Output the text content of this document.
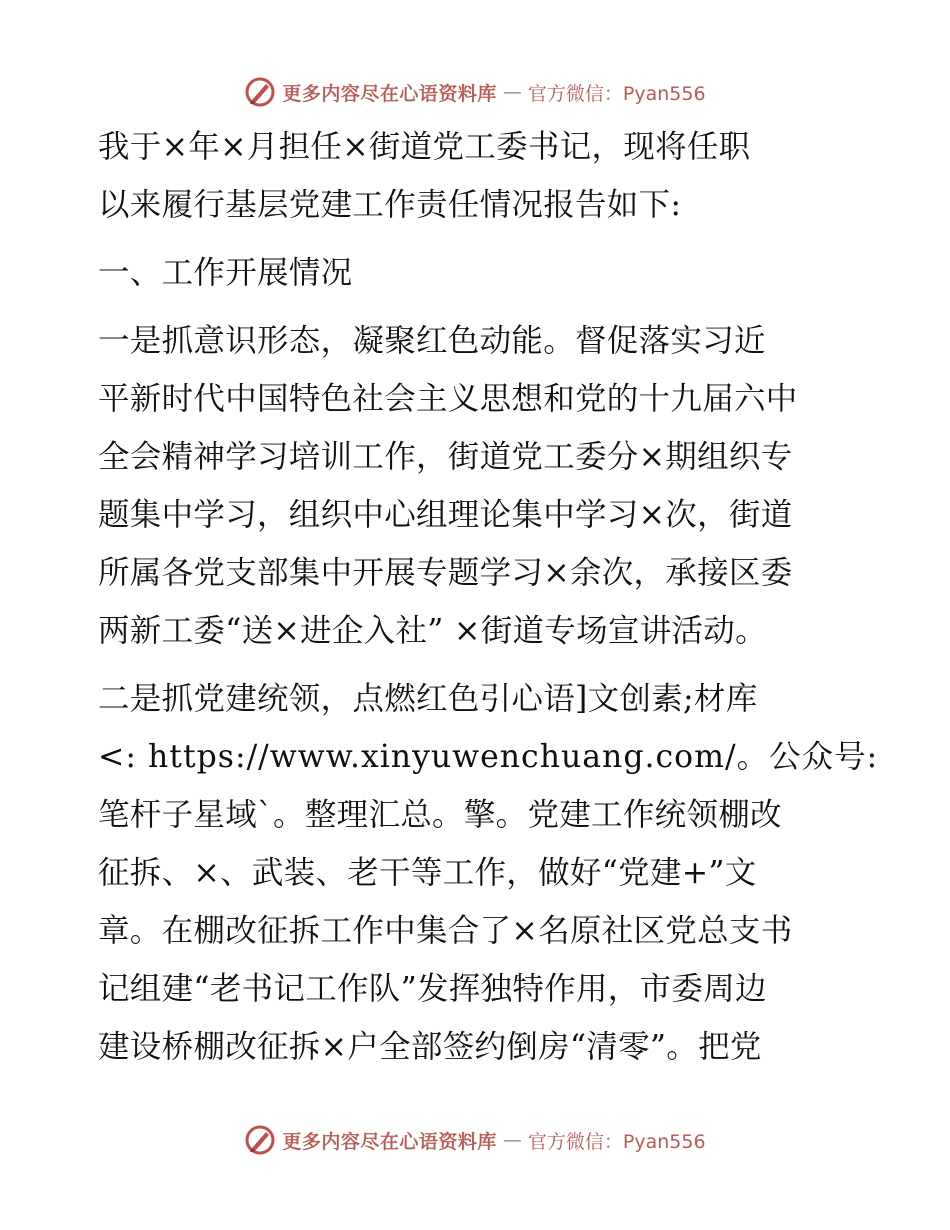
更多内容尽在心语资料库 — 官方微信：Pyan556
我于×年×月担任×街道党工委书记，现将任职
以来履行基层党建工作责任情况报告如下:
一、工作开展情况
一是抓意识形态，凝聚红色动能。督促落实习近
平新时代中国特色社会主义思想和党的十九届六中
全会精神学习培训工作，街道党工委分×期组织专
题集中学习，组织中心组理论集中学习×次，街道
所属各党支部集中开展专题学习×余次，承接区委
两新工委“送×进企入社” ×街道专场宣讲活动。
二是抓党建统领，点燃红色引心语]文创素;材库
<: https://www.xinyuwenchuang.com/。公众号:
笔杆子星域`。整理汇总。擎。党建工作统领棚改
征拆、×、武装、老干等工作，做好“党建+”文
章。在棚改征拆工作中集合了×名原社区党总支书
记组建“老书记工作队”发挥独特作用，市委周边
建设桥棚改征拆×户全部签约倒房“清零”。把党
更多内容尽在心语资料库 — 官方微信：Pyan556
